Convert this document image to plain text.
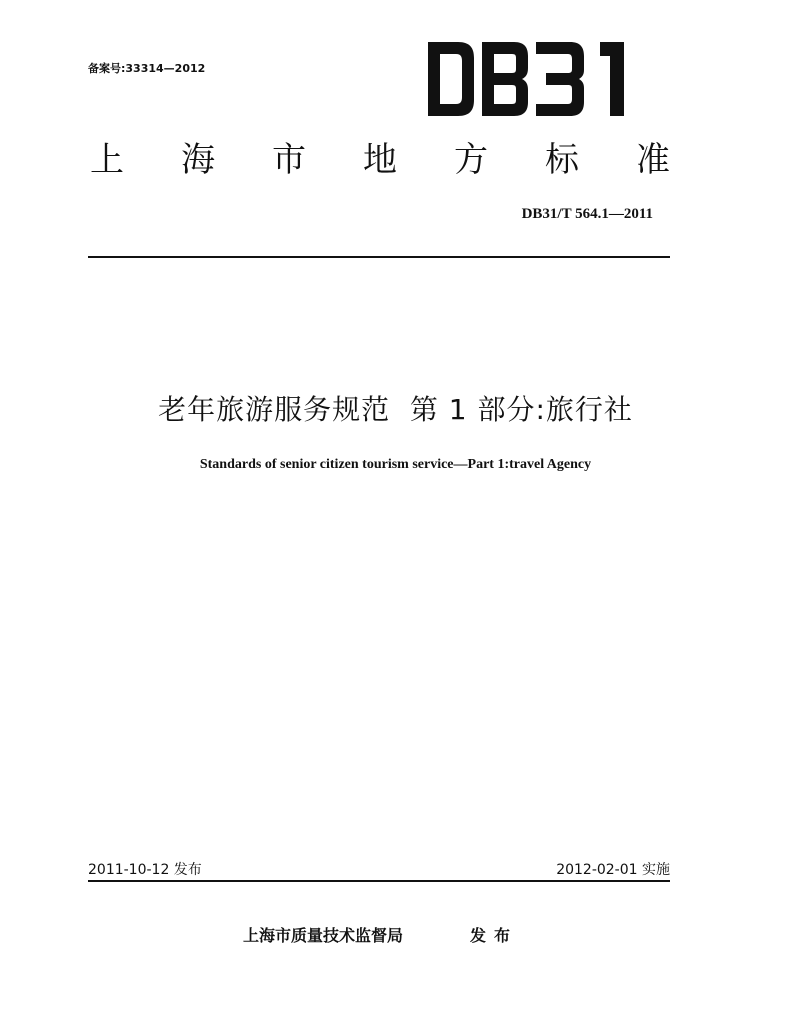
备案号:33314—2012
上 海 市 地 方 标 准
DB31/T 564.1—2011
老年旅游服务规范  第 1 部分:旅行社
Standards of senior citizen tourism service—Part 1:travel Agency
2011-10-12 发布	2012-02-01 实施
上海市质量技术监督局	发布
